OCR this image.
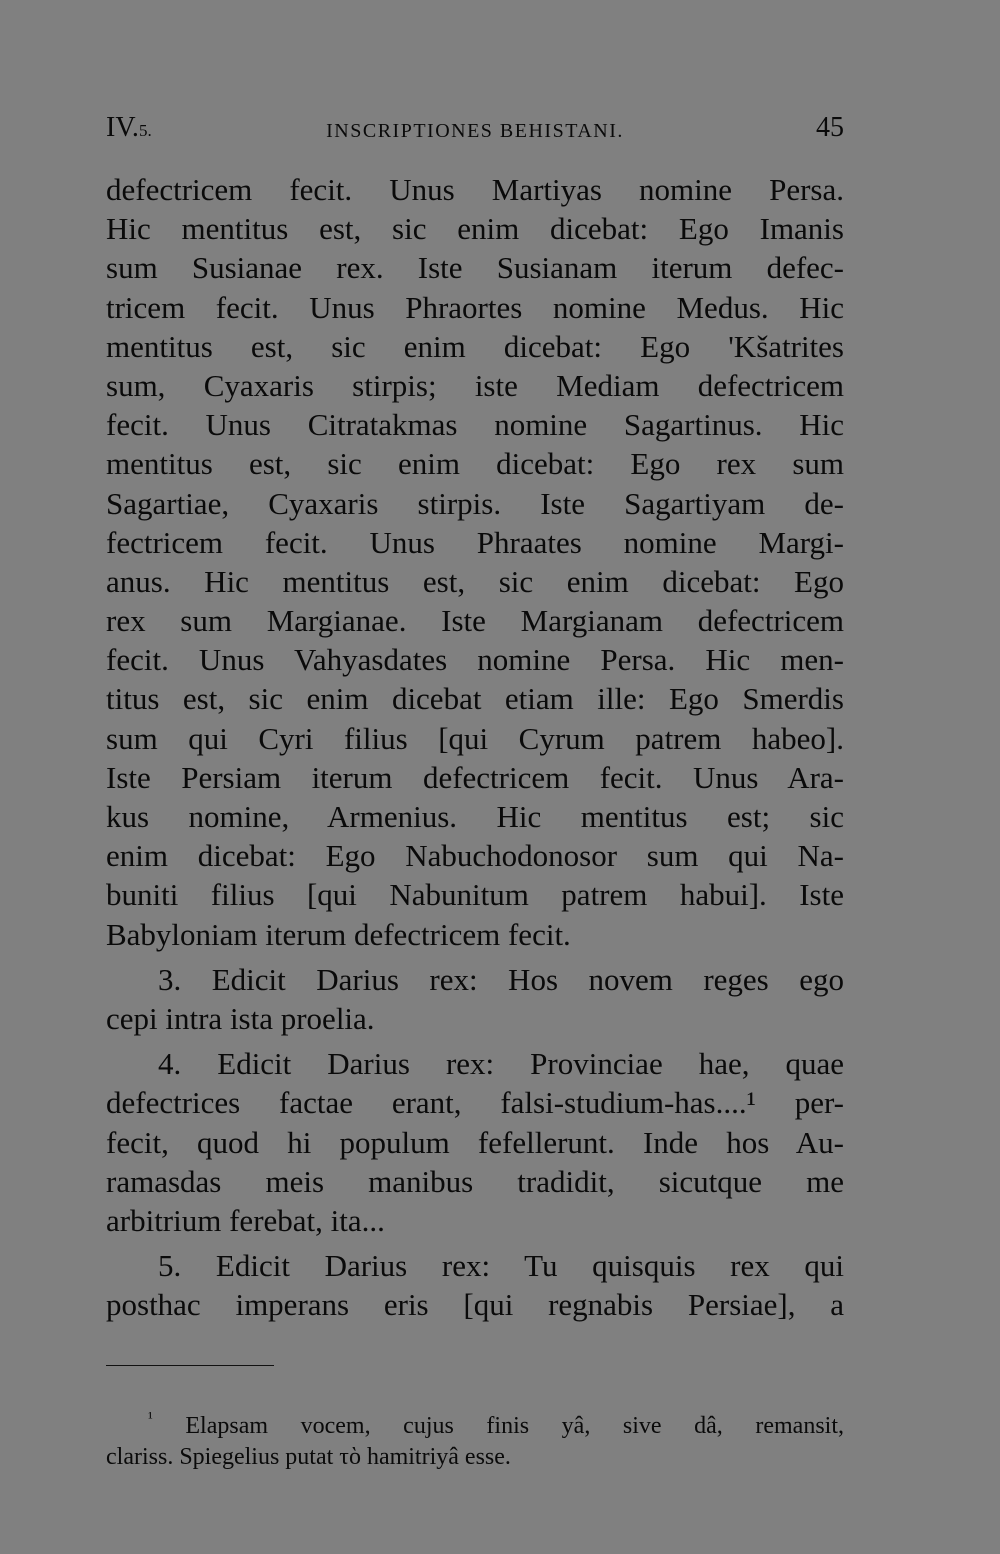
IV.5.	INSCRIPTIONES BEHISTANI.	45
defectricem fecit. Unus Martiyas nomine Persa.
Hic mentitus est, sic enim dicebat: Ego Imanis
sum Susianae rex. Iste Susianam iterum defec-
tricem fecit. Unus Phraortes nomine Medus. Hic
mentitus est, sic enim dicebat: Ego 'Kšatrites
sum, Cyaxaris stirpis; iste Mediam defectricem
fecit. Unus Citratakmas nomine Sagartinus. Hic
mentitus est, sic enim dicebat: Ego rex sum
Sagartiae, Cyaxaris stirpis. Iste Sagartiyam de-
fectricem fecit. Unus Phraates nomine Margi-
anus. Hic mentitus est, sic enim dicebat: Ego
rex sum Margianae. Iste Margianam defectricem
fecit. Unus Vahyasdates nomine Persa. Hic men-
titus est, sic enim dicebat etiam ille: Ego Smerdis
sum qui Cyri filius [qui Cyrum patrem habeo].
Iste Persiam iterum defectricem fecit. Unus Ara-
kus nomine, Armenius. Hic mentitus est; sic
enim dicebat: Ego Nabuchodonosor sum qui Na-
buniti filius [qui Nabunitum patrem habui]. Iste
Babyloniam iterum defectricem fecit.
3. Edicit Darius rex: Hos novem reges ego
cepi intra ista proelia.
4. Edicit Darius rex: Provinciae hae, quae
defectrices factae erant, falsi-studium-has....¹ per-
fecit, quod hi populum fefellerunt. Inde hos Au-
ramasdas meis manibus tradidit, sicutque me
arbitrium ferebat, ita...
5. Edicit Darius rex: Tu quisquis rex qui
posthac imperans eris [qui regnabis Persiae], a
$^{^1}$ Elapsam vocem, cujus finis yâ, sive dâ, remansit,
clariss. Spiegelius putat τὸ hamitriyâ esse.
